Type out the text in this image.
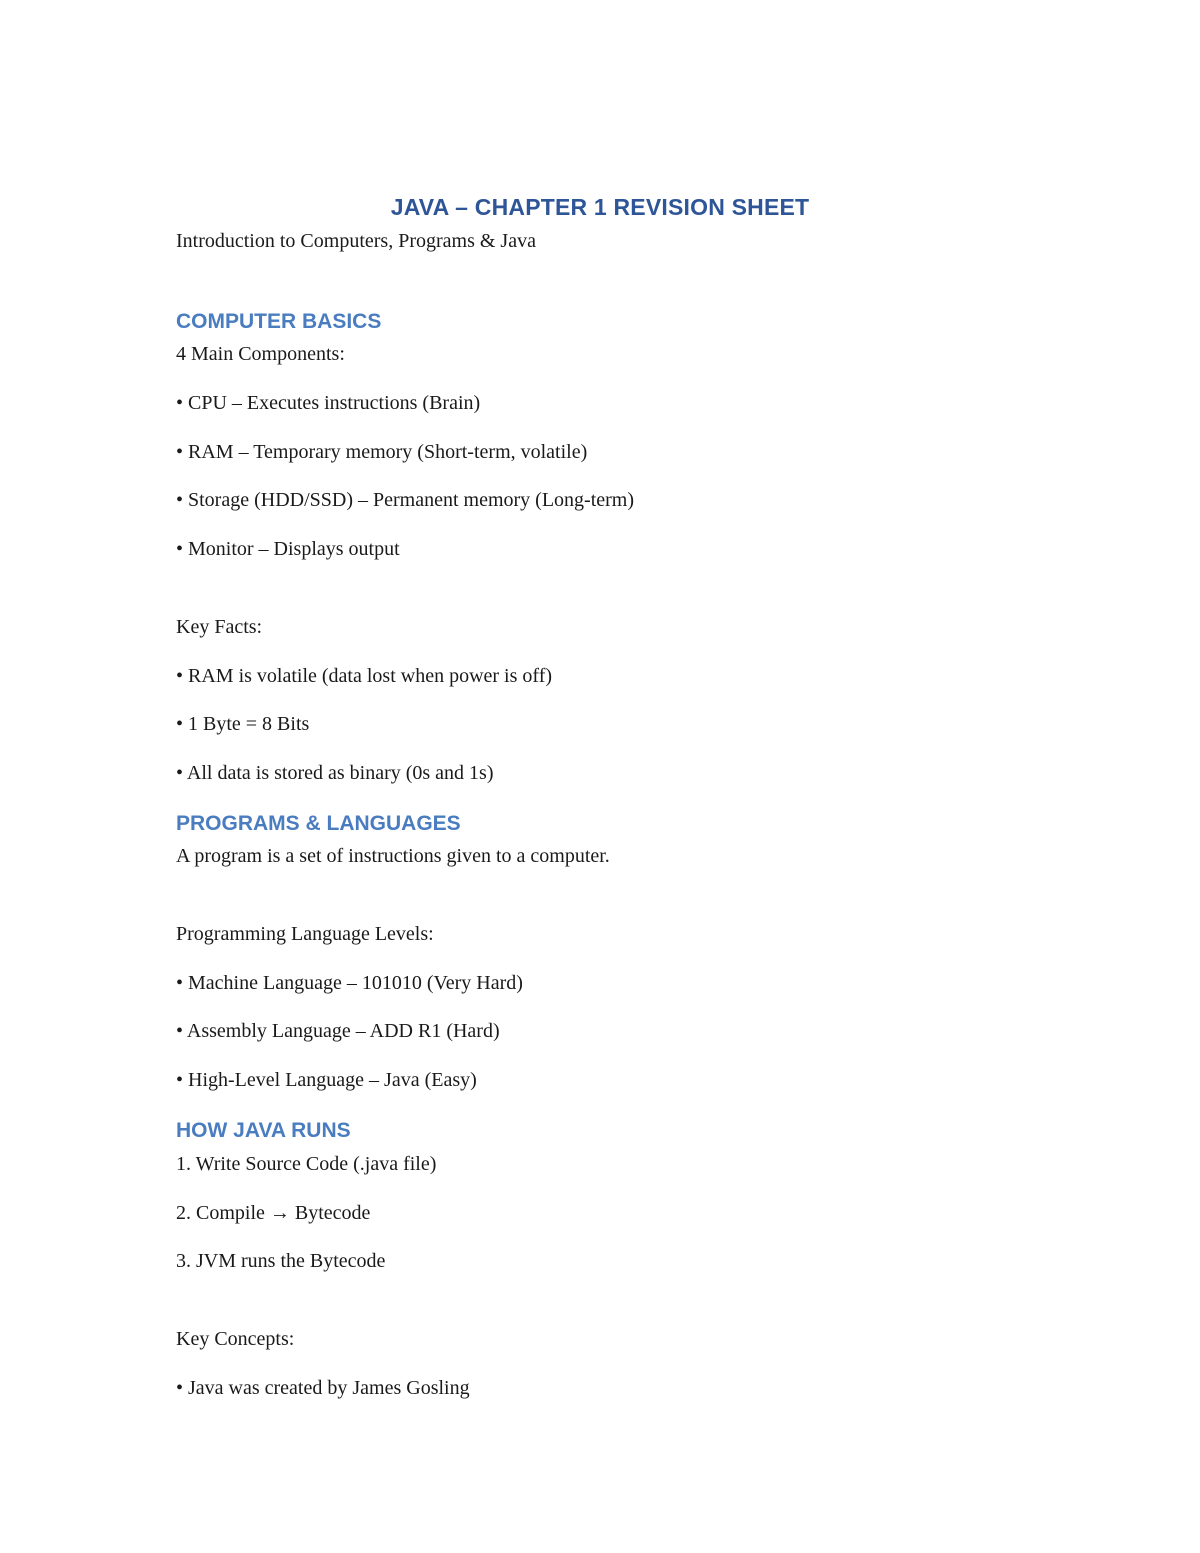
JAVA – CHAPTER 1 REVISION SHEET

Introduction to Computers, Programs & Java

COMPUTER BASICS

4 Main Components:

• CPU – Executes instructions (Brain)

• RAM – Temporary memory (Short-term, volatile)

• Storage (HDD/SSD) – Permanent memory (Long-term)

• Monitor – Displays output

Key Facts:

• RAM is volatile (data lost when power is off)

• 1 Byte = 8 Bits

• All data is stored as binary (0s and 1s)

PROGRAMS & LANGUAGES

A program is a set of instructions given to a computer.

Programming Language Levels:

• Machine Language – 101010 (Very Hard)

• Assembly Language – ADD R1 (Hard)

• High-Level Language – Java (Easy)

HOW JAVA RUNS

1. Write Source Code (.java file)

2. Compile → Bytecode

3. JVM runs the Bytecode

Key Concepts:

• Java was created by James Gosling
